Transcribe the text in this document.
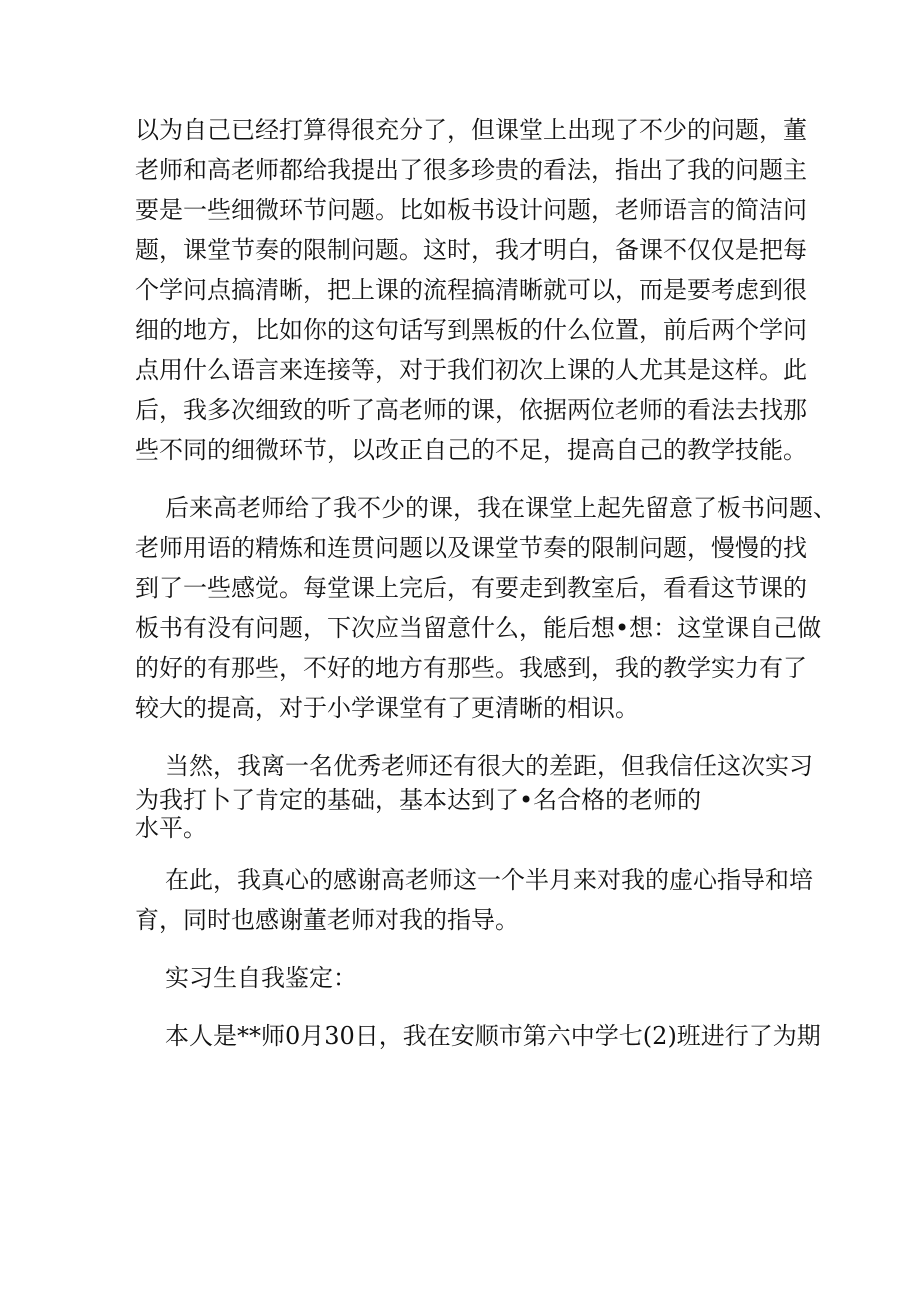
以为自己已经打算得很充分了，但课堂上出现了不少的问题，董
老师和高老师都给我提出了很多珍贵的看法，指出了我的问题主
要是一些细微环节问题。比如板书设计问题，老师语言的简洁问
题，课堂节奏的限制问题。这时，我才明白，备课不仅仅是把每
个学问点搞清晰，把上课的流程搞清晰就可以，而是要考虑到很
细的地方，比如你的这句话写到黑板的什么位置，前后两个学问
点用什么语言来连接等，对于我们初次上课的人尤其是这样。此
后，我多次细致的听了高老师的课，依据两位老师的看法去找那
些不同的细微环节，以改正自己的不足，提高自己的教学技能。
后来高老师给了我不少的课，我在课堂上起先留意了板书问题、
老师用语的精炼和连贯问题以及课堂节奏的限制问题，慢慢的找
到了一些感觉。每堂课上完后，有要走到教室后，看看这节课的
板书有没有问题，下次应当留意什么，能后想•想：这堂课自己做
的好的有那些，不好的地方有那些。我感到，我的教学实力有了
较大的提高，对于小学课堂有了更清晰的相识。
当然，我离一名优秀老师还有很大的差距，但我信任这次实习
为我打卜了肯定的基础，基本达到了•名合格的老师的
水平。
在此，我真心的感谢高老师这一个半月来对我的虚心指导和培
育，同时也感谢董老师对我的指导。
实习生自我鉴定：
本人是**师0月30日，我在安顺市第六中学七(2)班进行了为期
